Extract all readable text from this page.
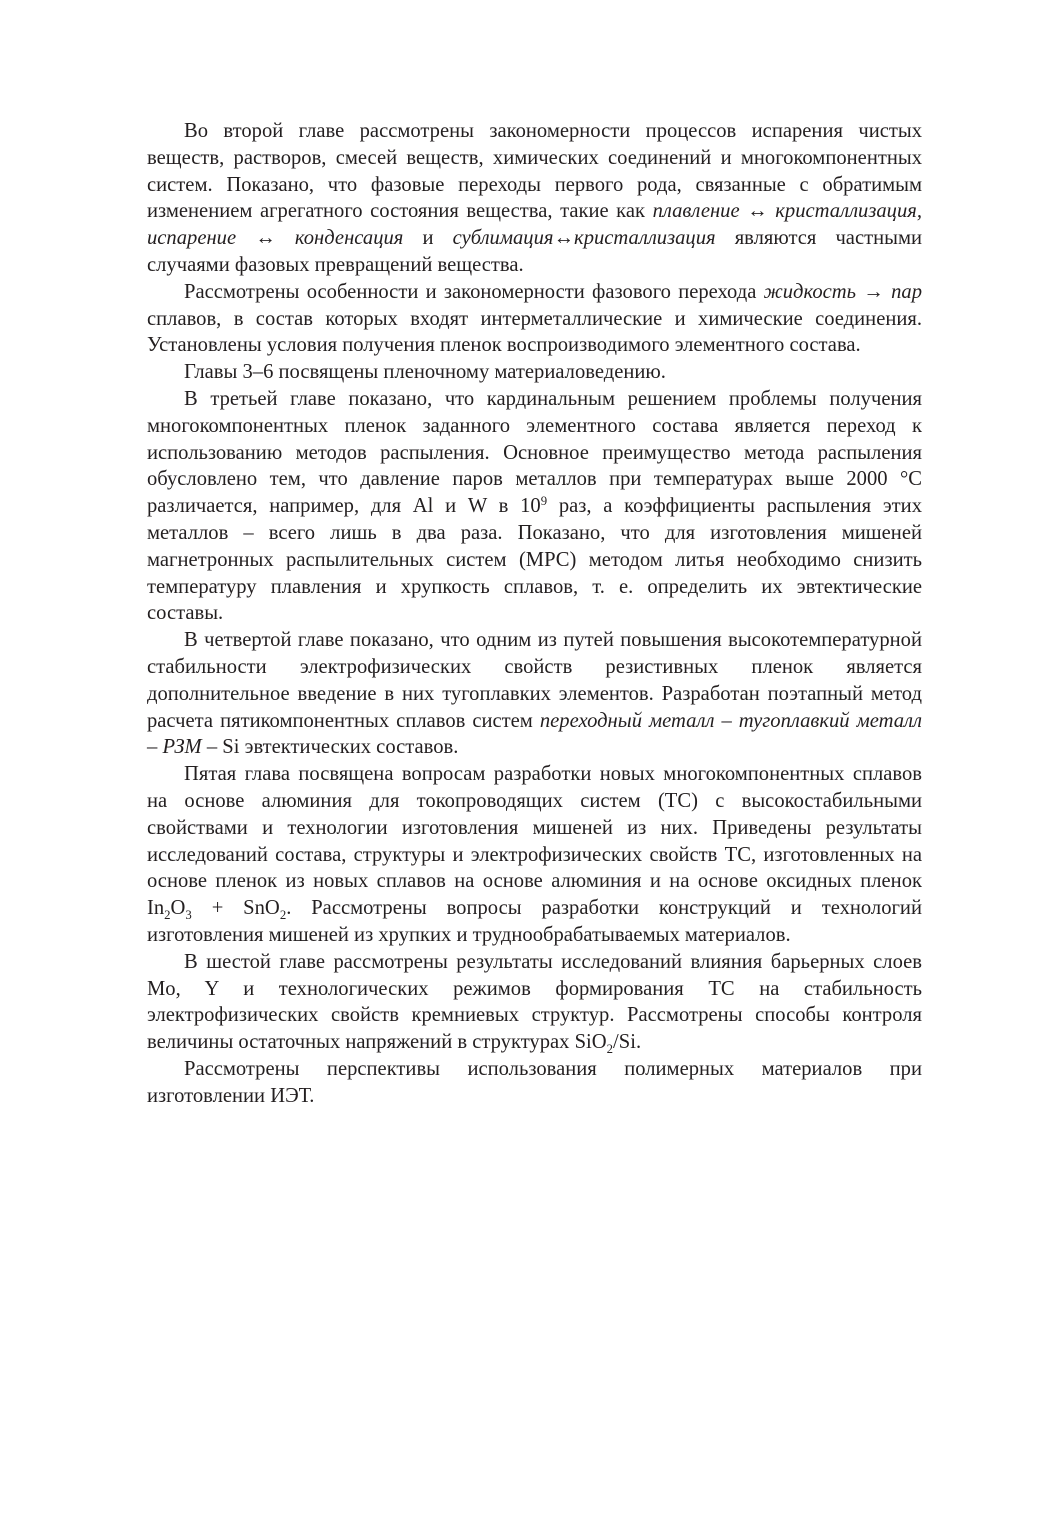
Во второй главе рассмотрены закономерности процессов испарения чистых веществ, растворов, смесей веществ, химических соединений и многокомпонентных систем. Показано, что фазовые переходы первого рода, связанные с обратимым изменением агрегатного состояния вещества, такие как плавление ↔ кристаллизация, испарение ↔ конденсация и сублимация↔кристаллизация являются частными случаями фазовых превращений вещества.

Рассмотрены особенности и закономерности фазового перехода жидкость → пар сплавов, в состав которых входят интерметаллические и химические соединения. Установлены условия получения пленок воспроизводимого элементного состава.

Главы 3–6 посвящены пленочному материаловедению.

В третьей главе показано, что кардинальным решением проблемы получения многокомпонентных пленок заданного элементного состава является переход к использованию методов распыления. Основное преимущество метода распыления обусловлено тем, что давление паров металлов при температурах выше 2000 °С различается, например, для Al и W в $10^9$ раз, а коэффициенты распыления этих металлов – всего лишь в два раза. Показано, что для изготовления мишеней магнетронных распылительных систем (МРС) методом литья необходимо снизить температуру плавления и хрупкость сплавов, т. е. определить их эвтектические составы.

В четвертой главе показано, что одним из путей повышения высокотемпературной стабильности электрофизических свойств резистивных пленок является дополнительное введение в них тугоплавких элементов. Разработан поэтапный метод расчета пятикомпонентных сплавов систем переходный металл – тугоплавкий металл – РЗМ – Si эвтектических составов.

Пятая глава посвящена вопросам разработки новых многокомпонентных сплавов на основе алюминия для токопроводящих систем (ТС) с высокостабильными свойствами и технологии изготовления мишеней из них. Приведены результаты исследований состава, структуры и электрофизических свойств ТС, изготовленных на основе пленок из новых сплавов на основе алюминия и на основе оксидных пленок $In_2O_3 + SnO_2$. Рассмотрены вопросы разработки конструкций и технологий изготовления мишеней из хрупких и труднообрабатываемых материалов.

В шестой главе рассмотрены результаты исследований влияния барьерных слоев Mo, Y и технологических режимов формирования ТС на стабильность электрофизических свойств кремниевых структур. Рассмотрены способы контроля величины остаточных напряжений в структурах SiO$_2$/Si.

Рассмотрены перспективы использования полимерных материалов при изготовлении ИЭТ.
